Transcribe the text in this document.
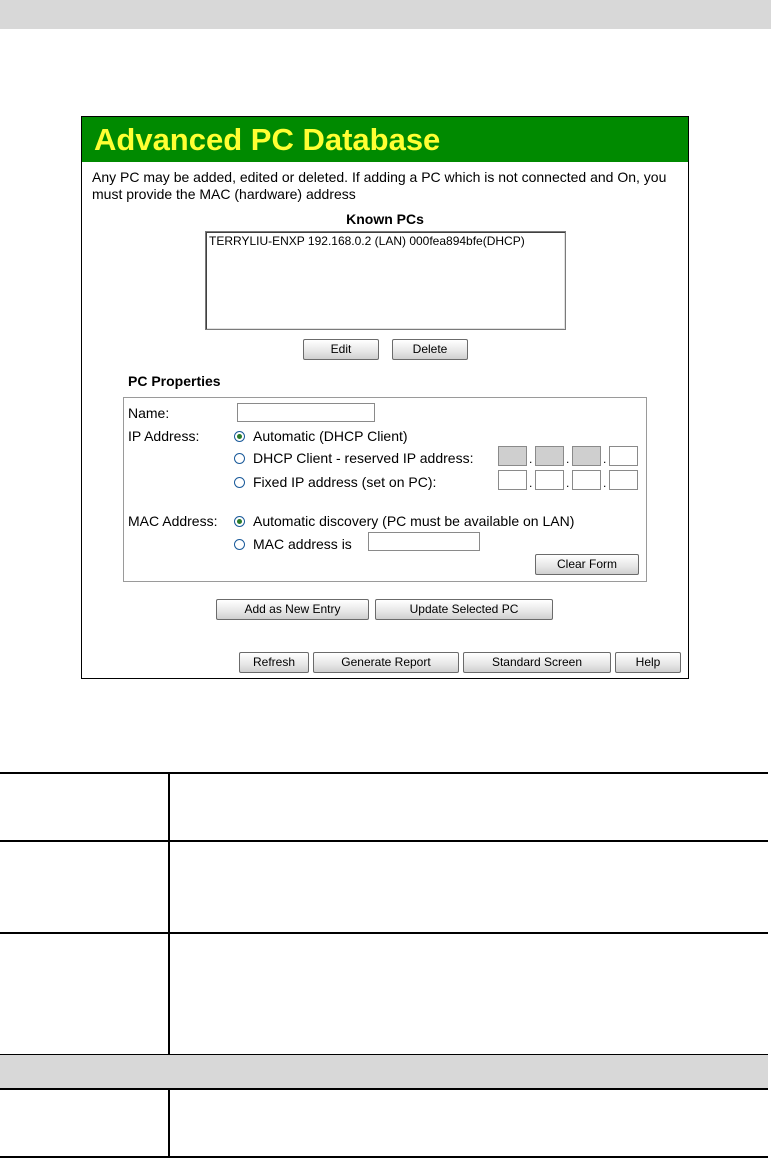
Advanced PC Database
Any PC may be added, edited or deleted. If adding a PC which is not connected and On, you must provide the MAC (hardware) address
Known PCs
TERRYLIU-ENXP 192.168.0.2 (LAN) 000fea894bfe(DHCP)
Edit	Delete
PC Properties
Name:
IP Address:	Automatic (DHCP Client)
DHCP Client - reserved IP address:	.	.	.
Fixed IP address (set on PC):	.	.	.
MAC Address:	Automatic discovery (PC must be available on LAN)
MAC address is
Clear Form
Add as New Entry	Update Selected PC
Refresh	Generate Report	Standard Screen	Help
